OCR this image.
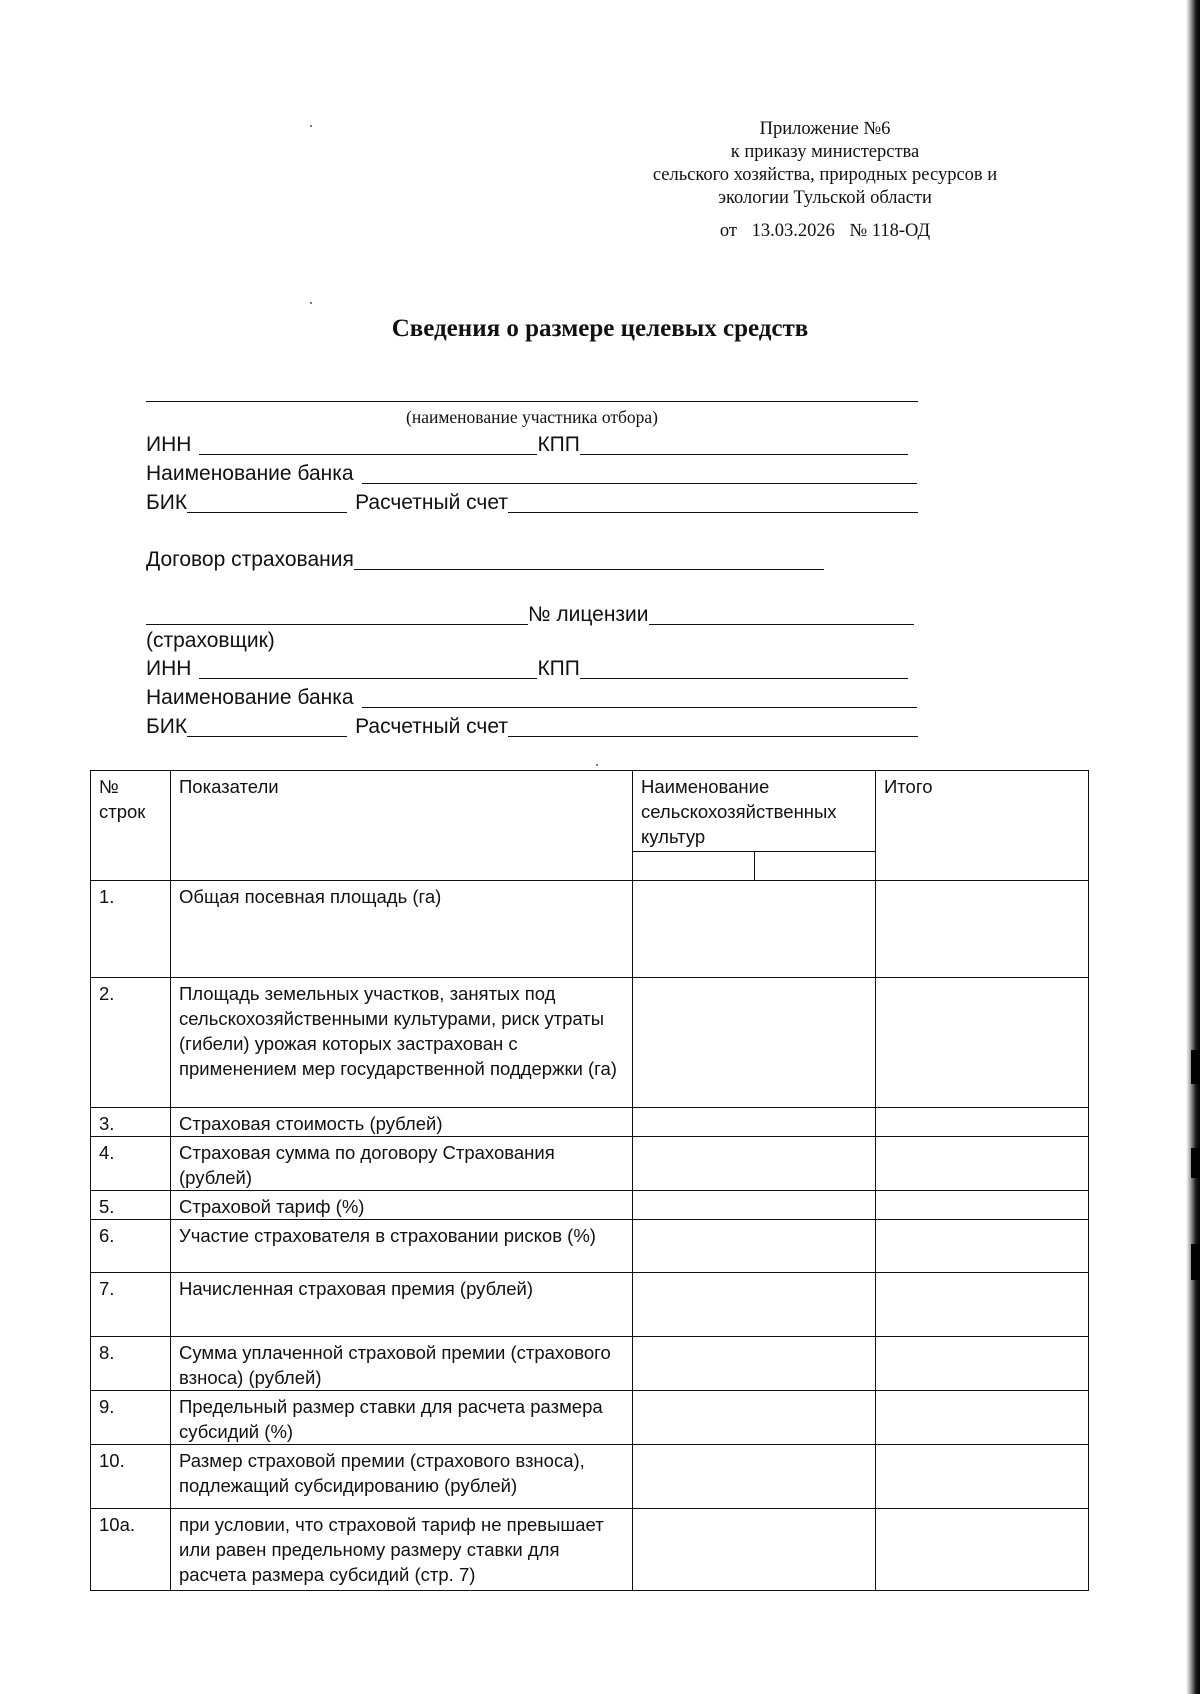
Приложение №6
к приказу министерства
сельского хозяйства, природных ресурсов и
экологии Тульской области
от 13.03.2026 № 118-ОД
Сведения о размере целевых средств
(наименование участника отбора)
ИНН	КПП
Наименование банка
БИК	Расчетный счет
Договор страхования
№ лицензии
(страховщик)
ИНН	КПП
Наименование банка
БИК	Расчетный счет
№ строк	Показатели	Наименование сельскохозяйственных культур	Итого
1.	Общая посевная площадь (га)		
2.	Площадь земельных участков, занятых под сельскохозяйственными культурами, риск утраты (гибели) урожая которых застрахован с применением мер государственной поддержки (га)		
3.	Страховая стоимость (рублей)		
4.	Страховая сумма по договору Страхования (рублей)		
5.	Страховой тариф (%)		
6.	Участие страхователя в страховании рисков (%)		
7.	Начисленная страховая премия (рублей)		
8.	Сумма уплаченной страховой премии (страхового взноса) (рублей)		
9.	Предельный размер ставки для расчета размера субсидий (%)		
10.	Размер страховой премии (страхового взноса), подлежащий субсидированию (рублей)		
10а.	при условии, что страховой тариф не превышает или равен предельному размеру ставки для расчета размера субсидий (стр. 7)		
